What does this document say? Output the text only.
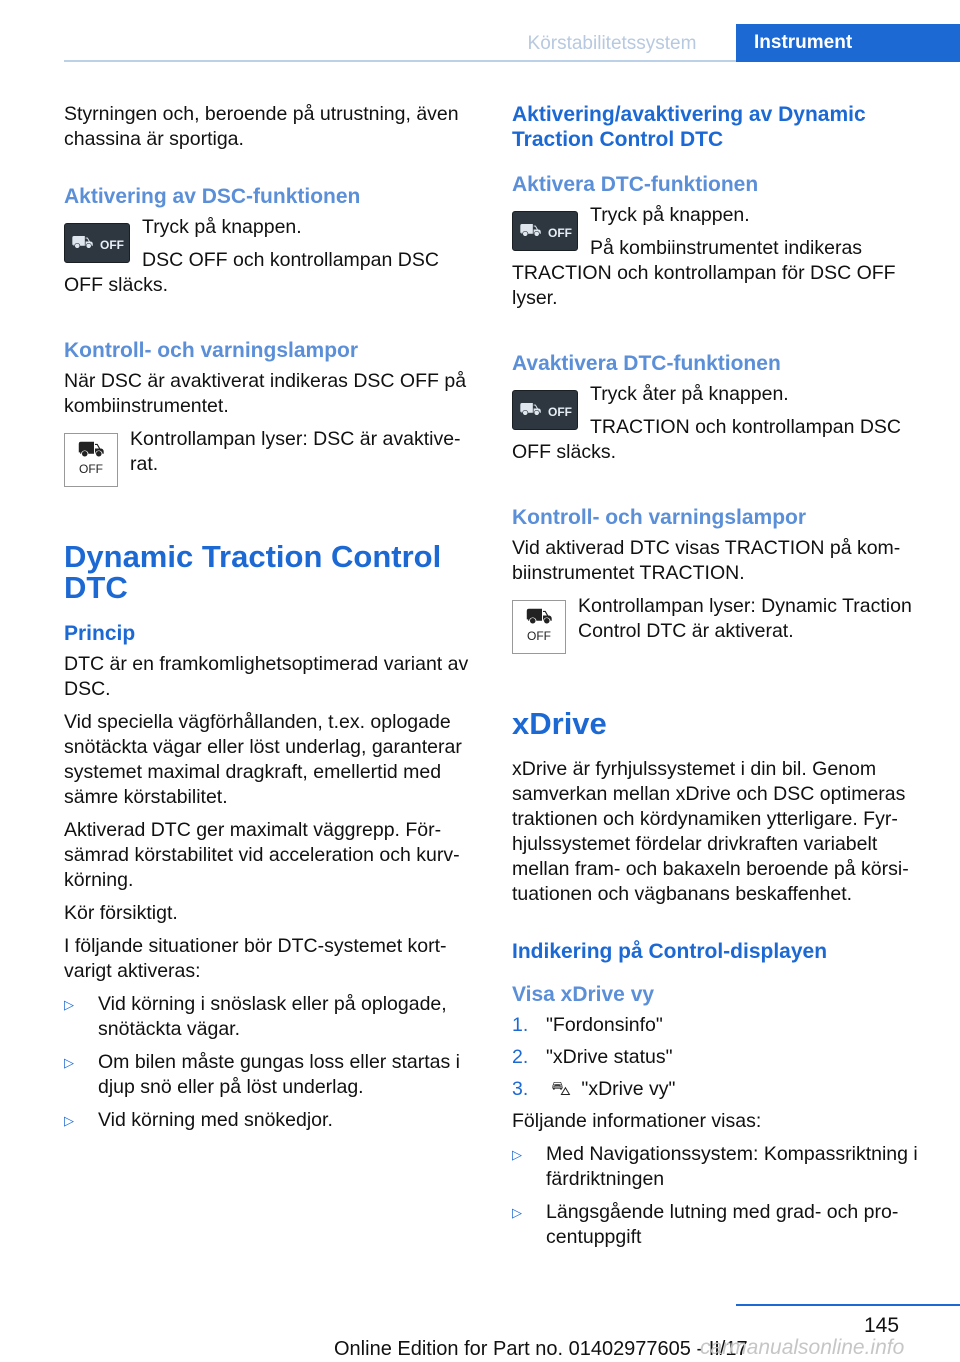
Körstabilitetssystem	Instrument

Styrningen och, beroende på utrustning, även chassina är sportiga.

Aktivering av DSC-funktionen
⛟ OFF

Tryck på knappen.

DSC OFF och kontrollampan DSC OFF släcks.

Kontroll- och varningslampor

När DSC är avaktiverat indikeras DSC OFF på kombiinstrumentet.

⛟
OFF

Kontrollampan lyser: DSC är avaktive-rat.

Dynamic Traction Control DTC
Princip

DTC är en framkomlighetsoptimerad variant av DSC.

Vid speciella vägförhållanden, t.ex. oplogade snötäckta vägar eller löst underlag, garanterar systemet maximal dragkraft, emellertid med sämre körstabilitet.

Aktiverad DTC ger maximalt väggrepp. För-sämrad körstabilitet vid acceleration och kurv-körning.

Kör försiktigt.

I följande situationer bör DTC-systemet kort-varigt aktiveras:

▷ Vid körning i snöslask eller på oplogade, snötäckta vägar.
▷ Om bilen måste gungas loss eller startas i djup snö eller på löst underlag.
▷ Vid körning med snökedjor.
Aktivering/avaktivering av Dynamic Traction Control DTC
Aktivera DTC-funktionen
⛟ OFF

Tryck på knappen.

På kombiinstrumentet indikeras TRACTION och kontrollampan för DSC OFF lyser.

Avaktivera DTC-funktionen
⛟ OFF

Tryck åter på knappen.

TRACTION och kontrollampan DSC OFF släcks.

Kontroll- och varningslampor

Vid aktiverad DTC visas TRACTION på kom-biinstrumentet TRACTION.

⛟
OFF

Kontrollampan lyser: Dynamic Traction Control DTC är aktiverat.

xDrive

xDrive är fyrhjulssystemet i din bil. Genom samverkan mellan xDrive och DSC optimeras traktionen och kördynamiken ytterligare. Fyr-hjulssystemet fördelar drivkraften variabelt mellan fram- och bakaxeln beroende på körsi-tuationen och vägbanans beskaffenhet.

Indikering på Control-displayen
Visa xDrive vy
1. "Fordonsinfo"
2. "xDrive status"
3. ⛍ "xDrive vy"

Följande informationer visas:

▷ Med Navigationssystem: Kompassriktning i färdriktningen
▷ Längsgående lutning med grad- och pro-centuppgift
145
Online Edition for Part no. 01402977605 - II/17
carmanualsonline.info
